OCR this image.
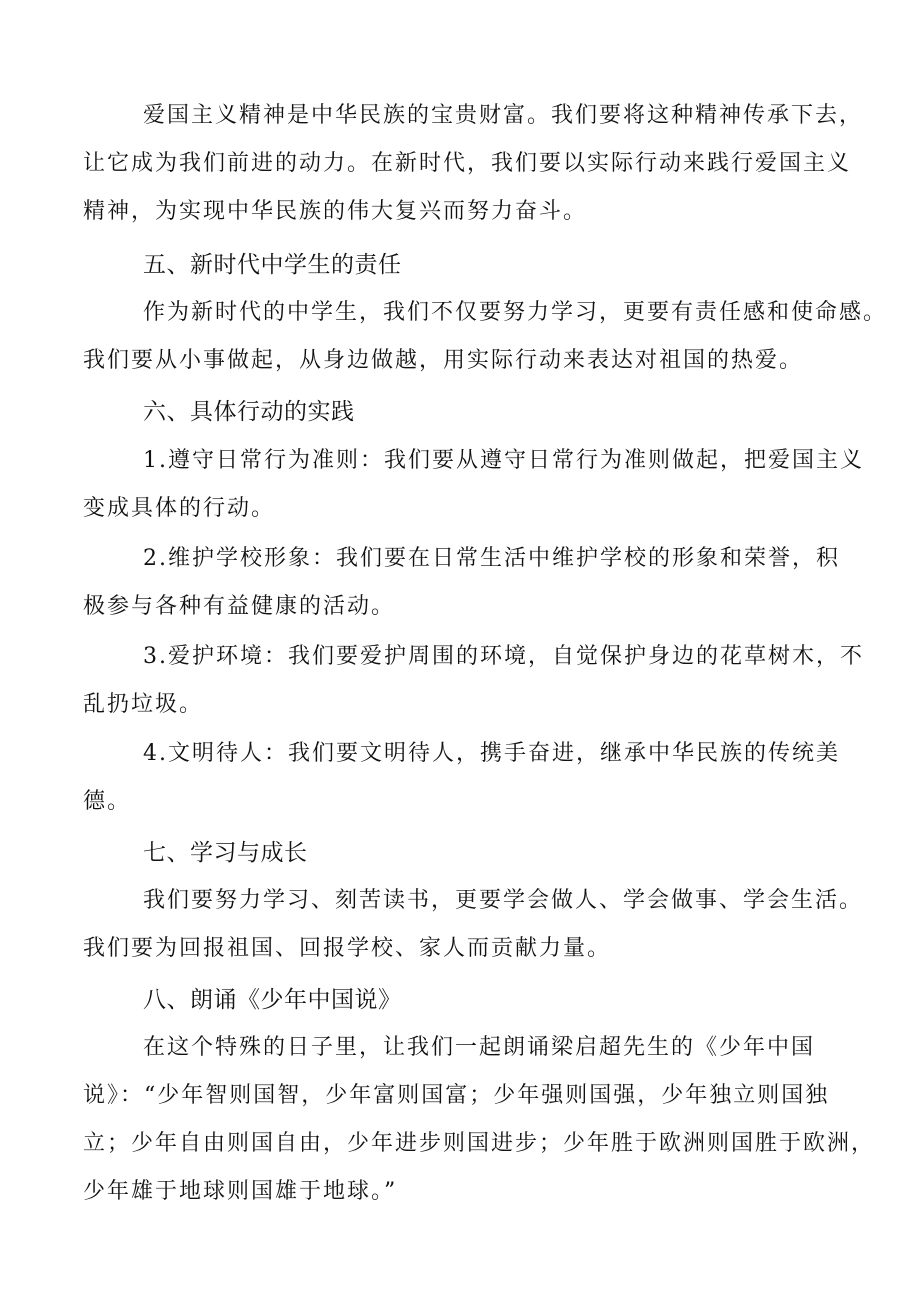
爱国主义精神是中华民族的宝贵财富。我们要将这种精神传承下去，
让它成为我们前进的动力。在新时代，我们要以实际行动来践行爱国主义
精神，为实现中华民族的伟大复兴而努力奋斗。
五、新时代中学生的责任
作为新时代的中学生，我们不仅要努力学习，更要有责任感和使命感。
我们要从小事做起，从身边做越，用实际行动来表达对祖国的热爱。
六、具体行动的实践
1.遵守日常行为准则：我们要从遵守日常行为准则做起，把爱国主义
变成具体的行动。
2.维护学校形象：我们要在日常生活中维护学校的形象和荣誉，积
极参与各种有益健康的活动。
3.爱护环境：我们要爱护周围的环境，自觉保护身边的花草树木，不
乱扔垃圾。
4.文明待人：我们要文明待人，携手奋进，继承中华民族的传统美
德。
七、学习与成长
我们要努力学习、刻苦读书，更要学会做人、学会做事、学会生活。
我们要为回报祖国、回报学校、家人而贡献力量。
八、朗诵《少年中国说》
在这个特殊的日子里，让我们一起朗诵梁启超先生的《少年中国
说》：“少年智则国智，少年富则国富；少年强则国强，少年独立则国独
立；少年自由则国自由，少年进步则国进步；少年胜于欧洲则国胜于欧洲，
少年雄于地球则国雄于地球。”
